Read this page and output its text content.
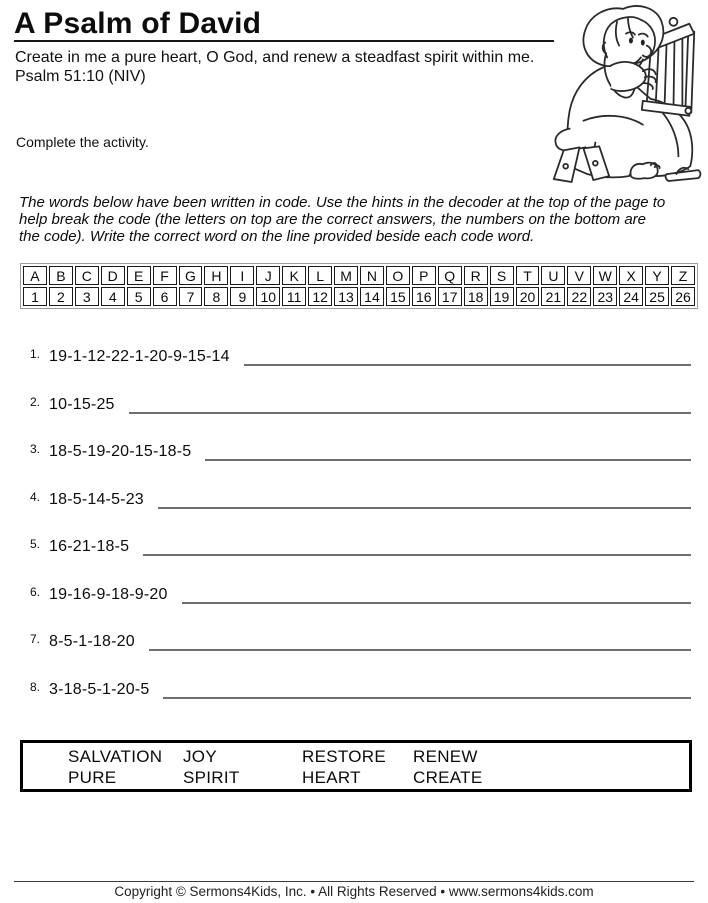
A Psalm of David
Create in me a pure heart, O God, and renew a steadfast spirit within me.
Psalm 51:10 (NIV)
Complete the activity.
The words below have been written in code. Use the hints in the decoder at the top of the page to help break the code (the letters on top are the correct answers, the numbers on the bottom are the code). Write the correct word on the line provided beside each code word.
A	B	C	D	E	F	G	H	I	J	K	L	M	N	O	P	Q	R	S	T	U	V	W	X	Y	Z
1	2	3	4	5	6	7	8	9	10	11	12	13	14	15	16	17	18	19	20	21	22	23	24	25	26
1. 19-1-12-22-1-20-9-15-14
2. 10-15-25
3. 18-5-19-20-15-18-5
4. 18-5-14-5-23
5. 16-21-18-5
6. 19-16-9-18-9-20
7. 8-5-1-18-20
8. 3-18-5-1-20-5
SALVATION	JOY	RESTORE	RENEW
PURE	SPIRIT	HEART	CREATE
Copyright © Sermons4Kids, Inc. • All Rights Reserved • www.sermons4kids.com
